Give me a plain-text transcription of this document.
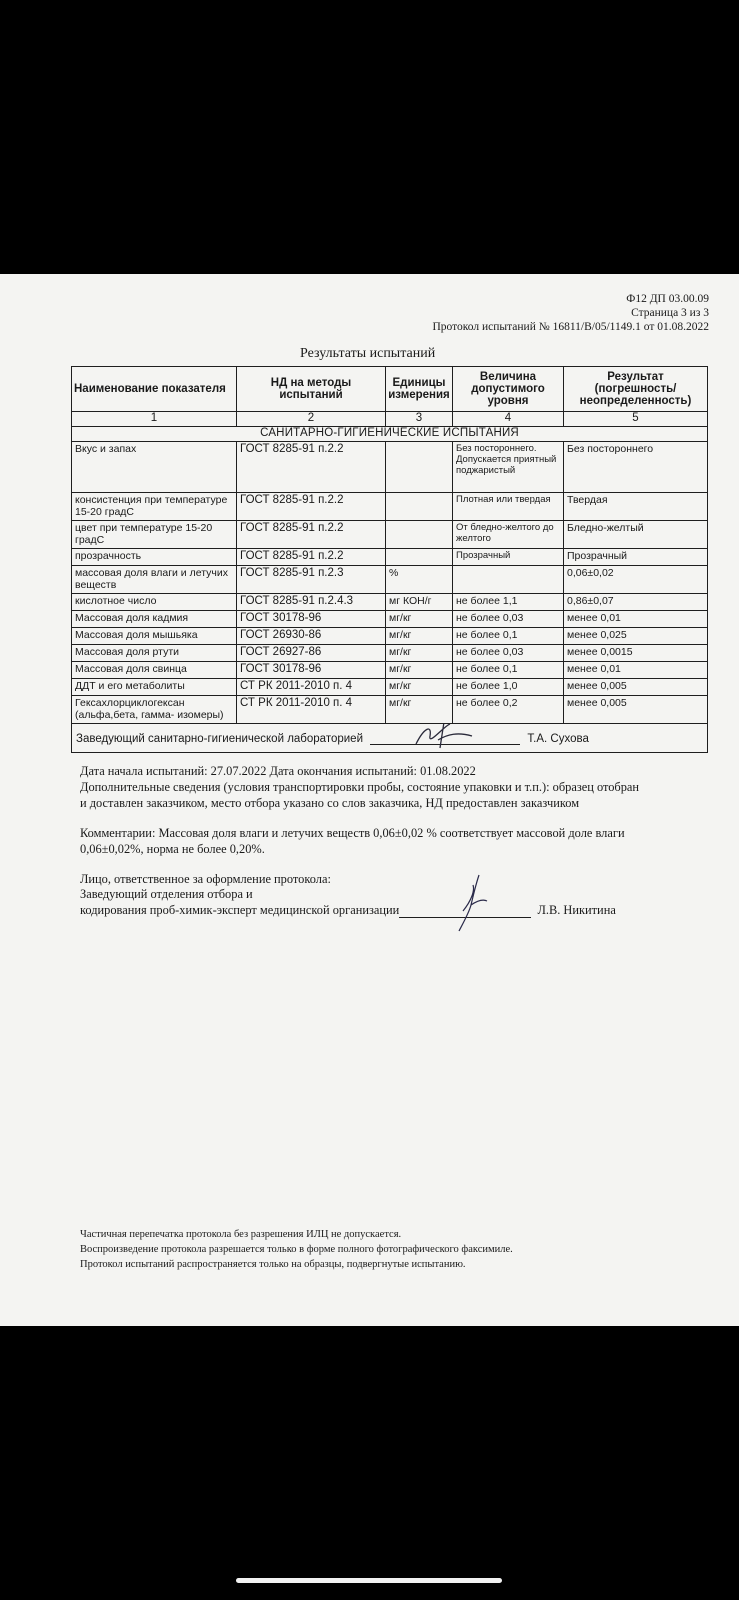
Ф12 ДП 03.00.09
Страница 3 из 3
Протокол испытаний № 16811/В/05/1149.1 от 01.08.2022
Результаты испытаний
Наименование показателя	НД на методы испытаний	Единицы измерения	Величина допустимого уровня	Результат (погрешность/ неопределенность)
1	2	3	4	5
САНИТАРНО-ГИГИЕНИЧЕСКИЕ ИСПЫТАНИЯ				
Вкус и запах	ГОСТ 8285-91 п.2.2		Без постороннего. Допускается приятный поджаристый	Без постороннего
консистенция при температуре 15-20 градС	ГОСТ 8285-91 п.2.2		Плотная или твердая	Твердая
цвет при температуре 15-20 градС	ГОСТ 8285-91 п.2.2		От бледно-желтого до желтого	Бледно-желтый
прозрачность	ГОСТ 8285-91 п.2.2		Прозрачный	Прозрачный
массовая доля влаги и летучих веществ	ГОСТ 8285-91 п.2.3	%		0,06±0,02
кислотное число	ГОСТ 8285-91 п.2.4.3	мг КОН/г	не более 1,1	0,86±0,07
Массовая доля кадмия	ГОСТ 30178-96	мг/кг	не более 0,03	менее 0,01
Массовая доля мышьяка	ГОСТ 26930-86	мг/кг	не более 0,1	менее 0,025
Массовая доля ртути	ГОСТ 26927-86	мг/кг	не более 0,03	менее 0,0015
Массовая доля свинца	ГОСТ 30178-96	мг/кг	не более 0,1	менее 0,01
ДДТ и его метаболиты	СТ РК 2011-2010 п. 4	мг/кг	не более 1,0	менее 0,005
Гексахлорциклогексан (альфа,бета, гамма- изомеры)	СТ РК 2011-2010 п. 4	мг/кг	не более 0,2	менее 0,005
Заведующий санитарно-гигиенической лабораторией Т.А. Сухова				
Дата начала испытаний: 27.07.2022 Дата окончания испытаний: 01.08.2022
Дополнительные сведения (условия транспортировки пробы, состояние упаковки и т.п.): образец отобран
и доставлен заказчиком, место отбора указано со слов заказчика, НД предоставлен заказчиком
Комментарии: Массовая доля влаги и летучих веществ 0,06±0,02 % соответствует массовой доле влаги
0,06±0,02%, норма не более 0,20%.
Лицо, ответственное за оформление протокола:
Заведующий отделения отбора и
кодирования проб-химик-эксперт медицинской организации	Л.В. Никитина
Частичная перепечатка протокола без разрешения ИЛЦ не допускается.
Воспроизведение протокола разрешается только в форме полного фотографического факсимиле.
Протокол испытаний распространяется только на образцы, подвергнутые испытанию.
